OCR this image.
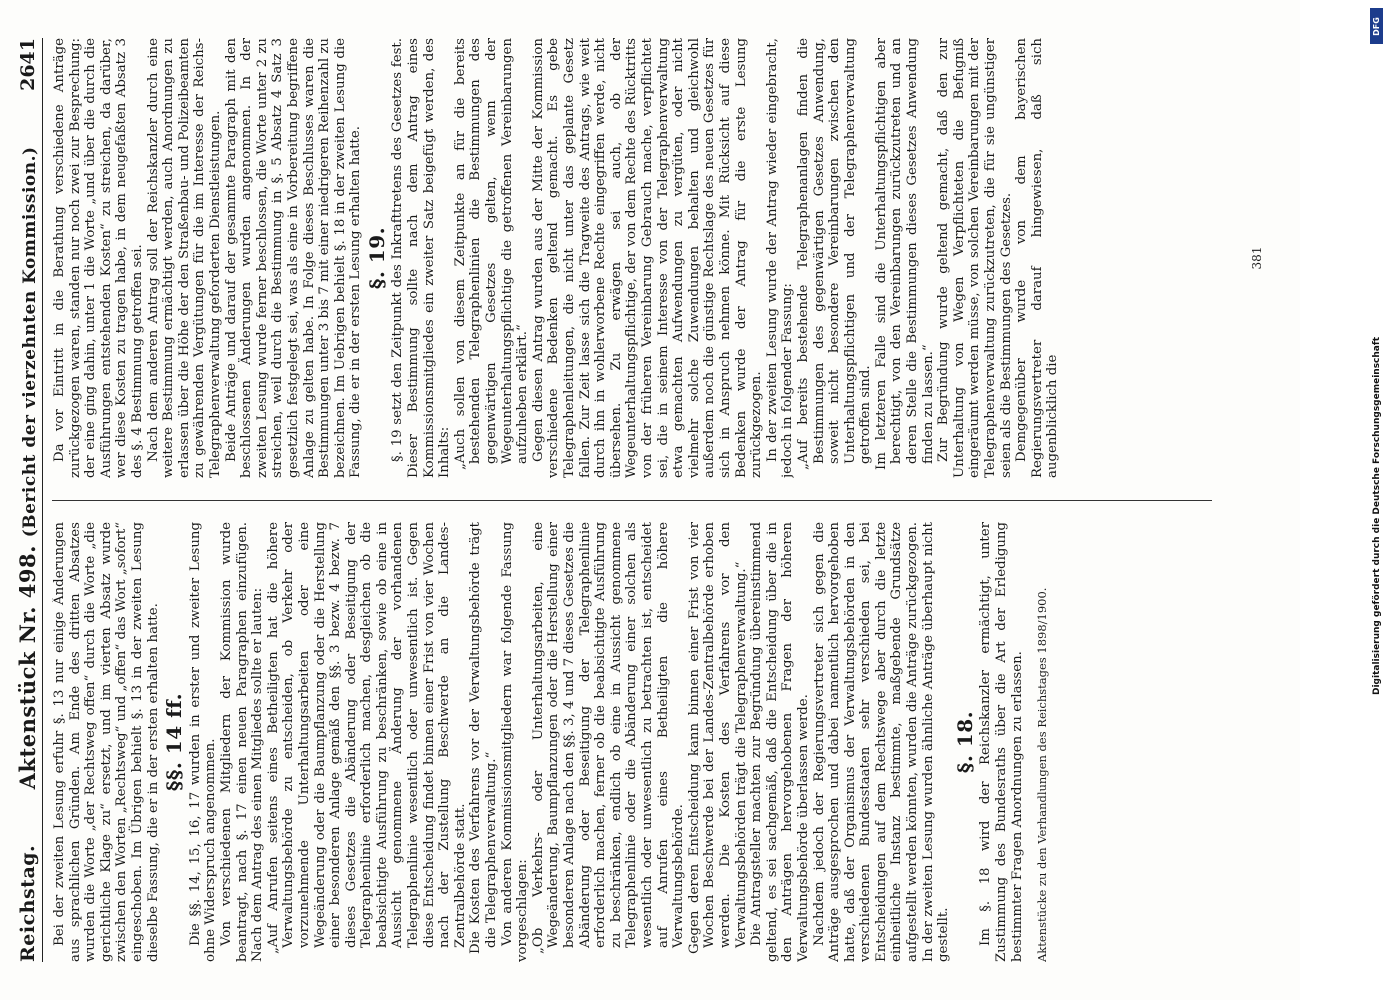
Reichstag.
Aktenstück Nr. 498. (Bericht der vierzehnten Kommission.)
2641

Bei der zweiten Lesung erfuhr §. 13 nur einige Änderungen aus sprachlichen Gründen. Am Ende des dritten Absatzes wurden die Worte „der Rechtsweg offen“ durch die Worte „die gerichtliche Klage zu“ ersetzt, und im vierten Absatz wurde zwischen den Worten „Rechtsweg“ und „offen“ das Wort „sofort“ eingeschoben. Im Übrigen behielt §. 13 in der zweiten Lesung dieselbe Fassung, die er in der ersten erhalten hatte. §§. 14 ff. Die §§. 14, 15, 16, 17 wurden in erster und zweiter Lesung ohne Widerspruch angenommen. Von verschiedenen Mitgliedern der Kommission wurde beantragt, nach §. 17 einen neuen Paragraphen einzufügen. Nach dem Antrag des einen Mitgliedes sollte er lauten: „Auf Anrufen seitens eines Betheiligten hat die höhere Verwaltungsbehörde zu entscheiden, ob Verkehr oder vorzunehmende Unterhaltungsarbeiten oder eine Wegeänderung oder die Baumpflanzung oder die Herstellung einer besonderen Anlage gemäß den §§. 3 bezw. 4 bezw. 7 dieses Gesetzes die Abänderung oder Beseitigung der Telegraphenlinie erforderlich machen, desgleichen ob die beabsichtigte Ausführung zu beschränken, sowie ob eine in Aussicht genommene Änderung der vorhandenen Telegraphenlinie wesentlich oder unwesentlich ist. Gegen diese Entscheidung findet binnen einer Frist von vier Wochen nach der Zustellung Beschwerde an die Landes-Zentralbehörde statt. Die Kosten des Verfahrens vor der Verwaltungsbehörde trägt die Telegraphenverwaltung.“ Von anderen Kommissionsmitgliedern war folgende Fassung vorgeschlagen: „Ob Verkehrs- oder Unterhaltungsarbeiten, eine Wegeänderung, Baumpflanzungen oder die Herstellung einer besonderen Anlage nach den §§. 3, 4 und 7 dieses Gesetzes die Abänderung oder Beseitigung der Telegraphenlinie erforderlich machen, ferner ob die beabsichtigte Ausführung zu beschränken, endlich ob eine in Aussicht genommene Telegraphenlinie oder die Abänderung einer solchen als wesentlich oder unwesentlich zu betrachten ist, entscheidet auf Anrufen eines Betheiligten die höhere Verwaltungsbehörde. Gegen deren Entscheidung kann binnen einer Frist von vier Wochen Beschwerde bei der Landes-Zentralbehörde erhoben werden. Die Kosten des Verfahrens vor den Verwaltungsbehörden trägt die Telegraphenverwaltung.“ Die Antragsteller machten zur Begründung übereinstimmend geltend, es sei sachgemäß, daß die Entscheidung über die in den Anträgen hervorgehobenen Fragen der höheren Verwaltungsbehörde überlassen werde. Nachdem jedoch der Regierungsvertreter sich gegen die Anträge ausgesprochen und dabei namentlich hervorgehoben hatte, daß der Organismus der Verwaltungsbehörden in den verschiedenen Bundesstaaten sehr verschieden sei, bei Entscheidungen auf dem Rechtswege aber durch die letzte einheitliche Instanz bestimmte, maßgebende Grundsätze aufgestellt werden könnten, wurden die Anträge zurückgezogen. In der zweiten Lesung wurden ähnliche Anträge überhaupt nicht gestellt.

§. 18. Im §. 18 wird der Reichskanzler ermächtigt, unter Zustimmung des Bundesraths über die Art der Erledigung bestimmter Fragen Anordnungen zu erlassen. Aktenstücke zu den Verhandlungen des Reichstages 1898/1900.

Da vor Eintritt in die Berathung verschiedene Anträge zurückgezogen waren, standen nur noch zwei zur Besprechung: der eine ging dahin, unter 1 die Worte „und über die durch die Ausführungen entstehenden Kosten“ zu streichen, da darüber, wer diese Kosten zu tragen habe, in dem neugefaßten Absatz 3 des §. 4 Bestimmung getroffen sei. Nach dem anderen Antrag soll der Reichskanzler durch eine weitere Bestimmung ermächtigt werden, auch Anordnungen zu erlassen über die Höhe der den Straßenbau- und Polizeibeamten zu gewährenden Vergütungen für die im Interesse der Reichs-Telegraphenverwaltung geforderten Dienstleistungen. Beide Anträge und darauf der gesammte Paragraph mit den beschlossenen Änderungen wurden angenommen. In der zweiten Lesung wurde ferner beschlossen, die Worte unter 2 zu streichen, weil durch die Bestimmung in §. 5 Absatz 4 Satz 3 gesetzlich festgelegt sei, was als eine in Vorbereitung begriffene Anlage zu gelten habe. In Folge dieses Beschlusses waren die Bestimmungen unter 3 bis 7 mit einer niedrigeren Reihenzahl zu bezeichnen. Im Uebrigen behielt §. 18 in der zweiten Lesung die Fassung, die er in der ersten Lesung erhalten hatte. §. 19. §. 19 setzt den Zeitpunkt des Inkrafttretens des Gesetzes fest. Dieser Bestimmung sollte nach dem Antrag eines Kommissionsmitgliedes ein zweiter Satz beigefügt werden, des Inhalts: „Auch sollen von diesem Zeitpunkte an für die bereits bestehenden Telegraphenlinien die Bestimmungen des gegenwärtigen Gesetzes gelten, wenn der Wegeunterhaltungspflichtige die getroffenen Vereinbarungen aufzuheben erklärt.“ Gegen diesen Antrag wurden aus der Mitte der Kommission verschiedene Bedenken geltend gemacht. Es gebe Telegraphenleitungen, die nicht unter das geplante Gesetz fallen. Zur Zeit lasse sich die Tragweite des Antrags, wie weit durch ihn in wohlerworbene Rechte eingegriffen werde, nicht übersehen. Zu erwägen sei auch, ob der Wegeunterhaltungspflichtige, der von dem Rechte des Rücktritts von der früheren Vereinbarung Gebrauch mache, verpflichtet sei, die in seinem Interesse von der Telegraphenverwaltung etwa gemachten Aufwendungen zu vergüten, oder nicht vielmehr solche Zuwendungen behalten und gleichwohl außerdem noch die günstige Rechtslage des neuen Gesetzes für sich in Anspruch nehmen könne. Mit Rücksicht auf diese Bedenken wurde der Antrag für die erste Lesung zurückgezogen. In der zweiten Lesung wurde der Antrag wieder eingebracht, jedoch in folgender Fassung: „Auf bereits bestehende Telegraphenanlagen finden die Bestimmungen des gegenwärtigen Gesetzes Anwendung, soweit nicht besondere Vereinbarungen zwischen den Unterhaltungspflichtigen und der Telegraphenverwaltung getroffen sind. Im letzteren Falle sind die Unterhaltungspflichtigen aber berechtigt, von den Vereinbarungen zurückzutreten und an deren Stelle die Bestimmungen dieses Gesetzes Anwendung finden zu lassen.“ Zur Begründung wurde geltend gemacht, daß den zur Unterhaltung von Wegen Verpflichteten die Befugniß eingeräumt werden müsse, von solchen Vereinbarungen mit der Telegraphenverwaltung zurückzutreten, die für sie ungünstiger seien als die Bestimmungen des Gesetzes. Demgegenüber wurde von dem bayerischen Regierungsvertreter darauf hingewiesen, daß sich augenblicklich die

381
DFG
Digitalisierung gefördert durch die Deutsche Forschungsgemeinschaft
